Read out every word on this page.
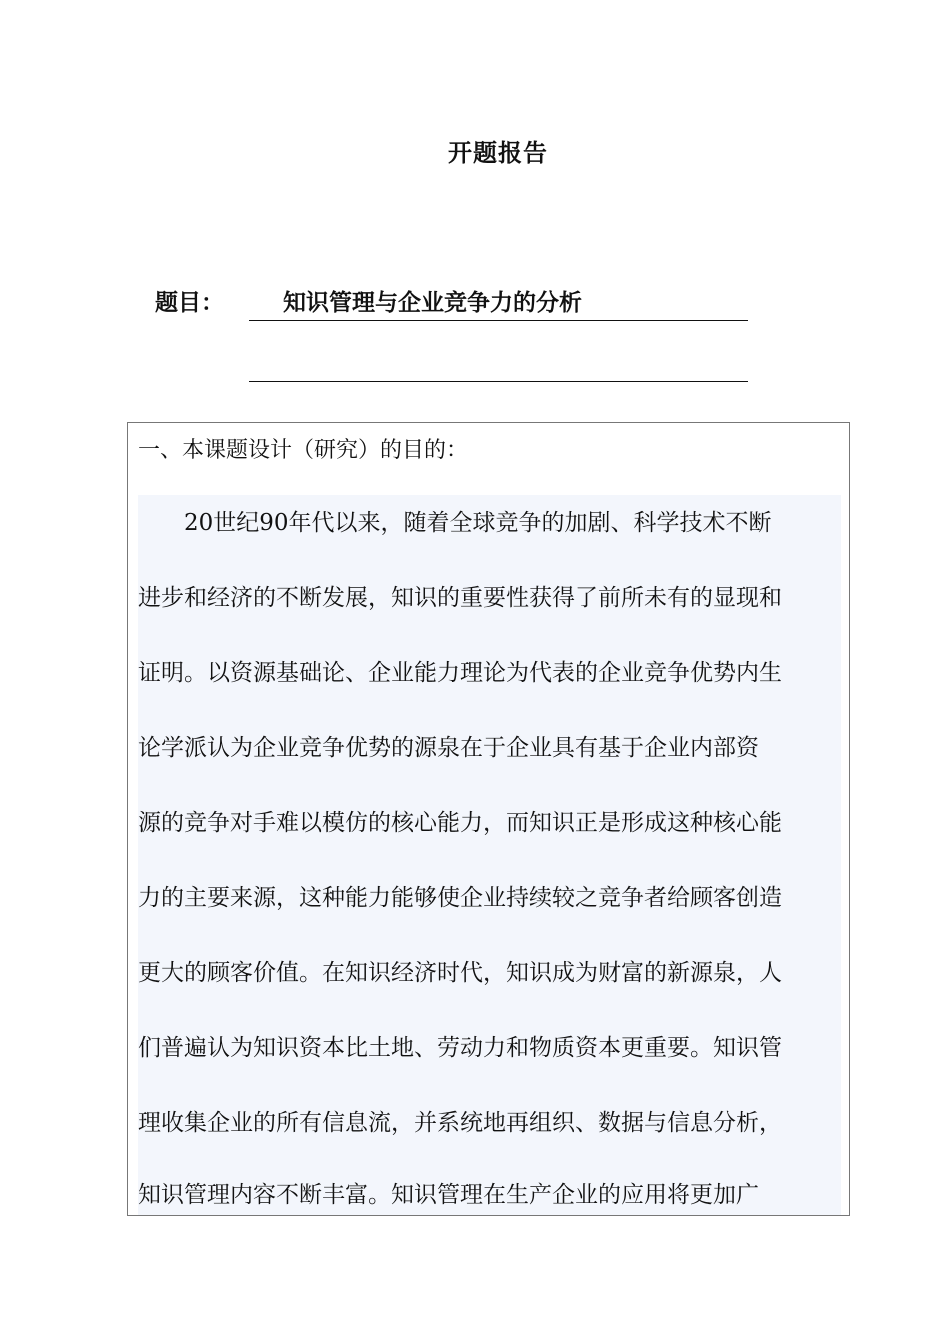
开题报告
题目：	知识管理与企业竞争力的分析
一、本课题设计（研究）的目的：
　　20世纪90年代以来，随着全球竞争的加剧、科学技术不断
进步和经济的不断发展，知识的重要性获得了前所未有的显现和
证明。以资源基础论、企业能力理论为代表的企业竞争优势内生
论学派认为企业竞争优势的源泉在于企业具有基于企业内部资
源的竞争对手难以模仿的核心能力，而知识正是形成这种核心能
力的主要来源，这种能力能够使企业持续较之竞争者给顾客创造
更大的顾客价值。在知识经济时代，知识成为财富的新源泉，人
们普遍认为知识资本比土地、劳动力和物质资本更重要。知识管
理收集企业的所有信息流，并系统地再组织、数据与信息分析，
知识管理内容不断丰富。知识管理在生产企业的应用将更加广
